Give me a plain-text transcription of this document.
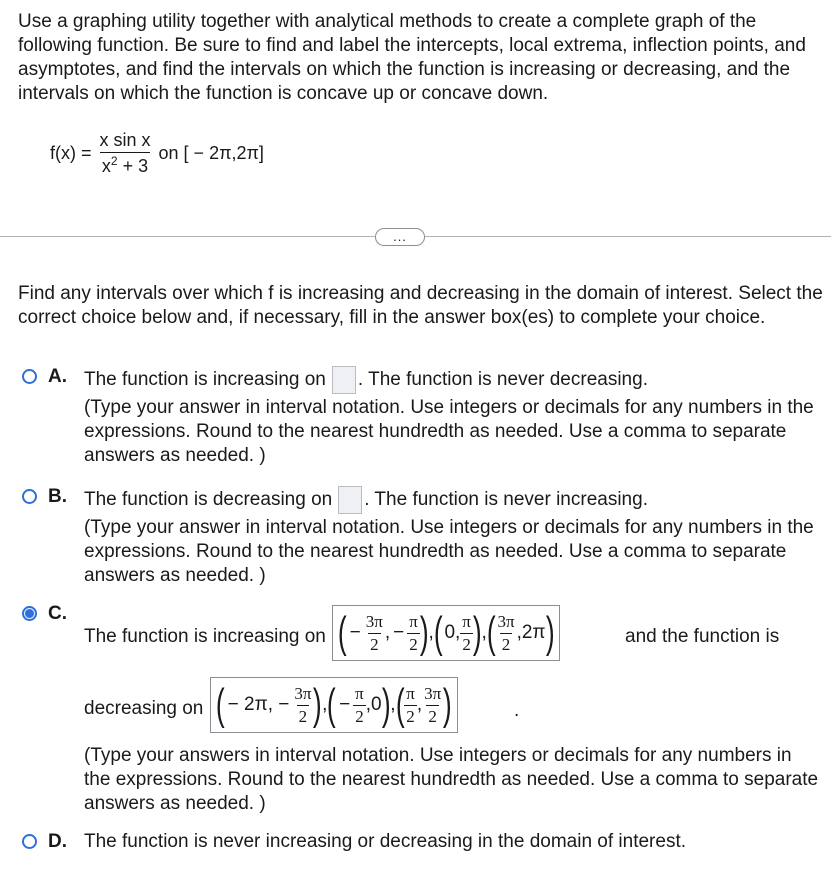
Use a graphing utility together with analytical methods to create a complete graph of the following function. Be sure to find and label the intercepts, local extrema, inflection points, and asymptotes, and find the intervals on which the function is increasing or decreasing, and the intervals on which the function is concave up or concave down.
$f(x) = \frac{\text{x sin x}}{x^2 + 3}$ on [ − 2π,2π]
...
Find any intervals over which f is increasing and decreasing in the domain of interest. Select the correct choice below and, if necessary, fill in the answer box(es) to complete your choice.
A. The function is increasing on . The function is never decreasing.
(Type your answer in interval notation. Use integers or decimals for any numbers in the expressions. Round to the nearest hundredth as needed. Use a comma to separate answers as needed. )
B. The function is decreasing on . The function is never increasing.
(Type your answer in interval notation. Use integers or decimals for any numbers in the expressions. Round to the nearest hundredth as needed. Use a comma to separate answers as needed. )
C.
The function is increasing on ( − $\frac{3\pi}{2}$ , − $\frac{\pi}{2}$ ) , ( 0, $\frac{\pi}{2}$ ) , ( $\frac{3\pi}{2} ,2\pi$ )	and the function is
decreasing on ( − 2π, − $\frac{3\pi}{2}$ ) , ( − $\frac{\pi}{2} ,0$ ) , ( $\frac{\pi}{2}$ , $\frac{3\pi}{2}$ )	.
(Type your answers in interval notation. Use integers or decimals for any numbers in the expressions. Round to the nearest hundredth as needed. Use a comma to separate answers as needed. )
D. The function is never increasing or decreasing in the domain of interest.
